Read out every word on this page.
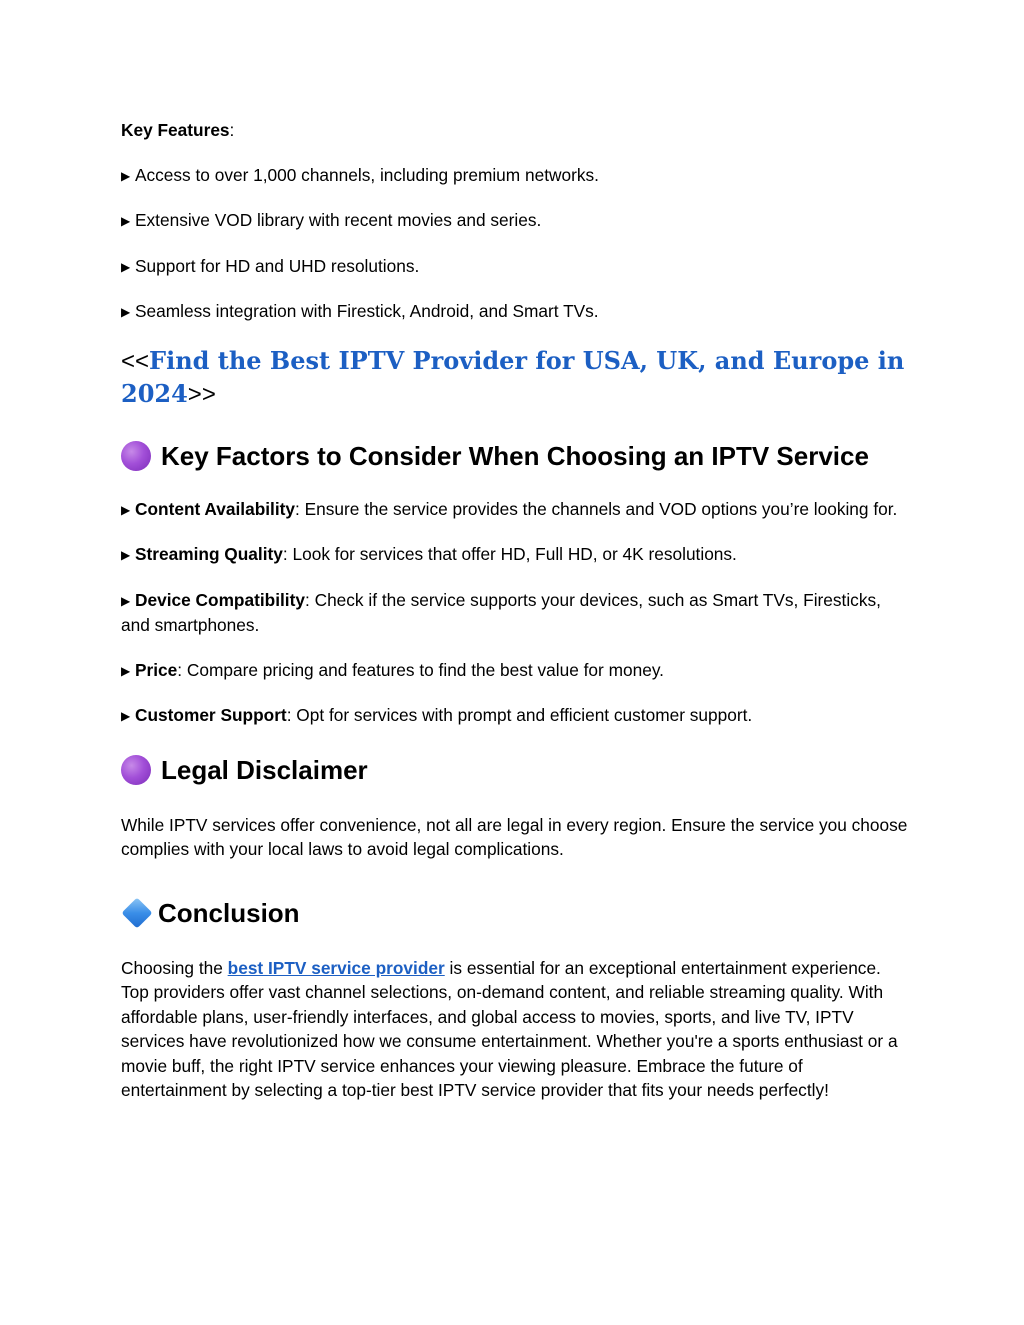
Key Features:

▶ Access to over 1,000 channels, including premium networks.

▶ Extensive VOD library with recent movies and series.

▶ Support for HD and UHD resolutions.

▶ Seamless integration with Firestick, Android, and Smart TVs.

<<Find the Best IPTV Provider for USA, UK, and Europe in 2024>>
Key Factors to Consider When Choosing an IPTV Service

▶ Content Availability: Ensure the service provides the channels and VOD options you’re looking for.

▶ Streaming Quality: Look for services that offer HD, Full HD, or 4K resolutions.

▶ Device Compatibility: Check if the service supports your devices, such as Smart TVs, Firesticks, and smartphones.

▶ Price: Compare pricing and features to find the best value for money.

▶ Customer Support: Opt for services with prompt and efficient customer support.

Legal Disclaimer

While IPTV services offer convenience, not all are legal in every region. Ensure the service you choose complies with your local laws to avoid legal complications.

Conclusion

Choosing the best IPTV service provider is essential for an exceptional entertainment experience. Top providers offer vast channel selections, on-demand content, and reliable streaming quality. With affordable plans, user-friendly interfaces, and global access to movies, sports, and live TV, IPTV services have revolutionized how we consume entertainment. Whether you're a sports enthusiast or a movie buff, the right IPTV service enhances your viewing pleasure. Embrace the future of entertainment by selecting a top-tier best IPTV service provider that fits your needs perfectly!
